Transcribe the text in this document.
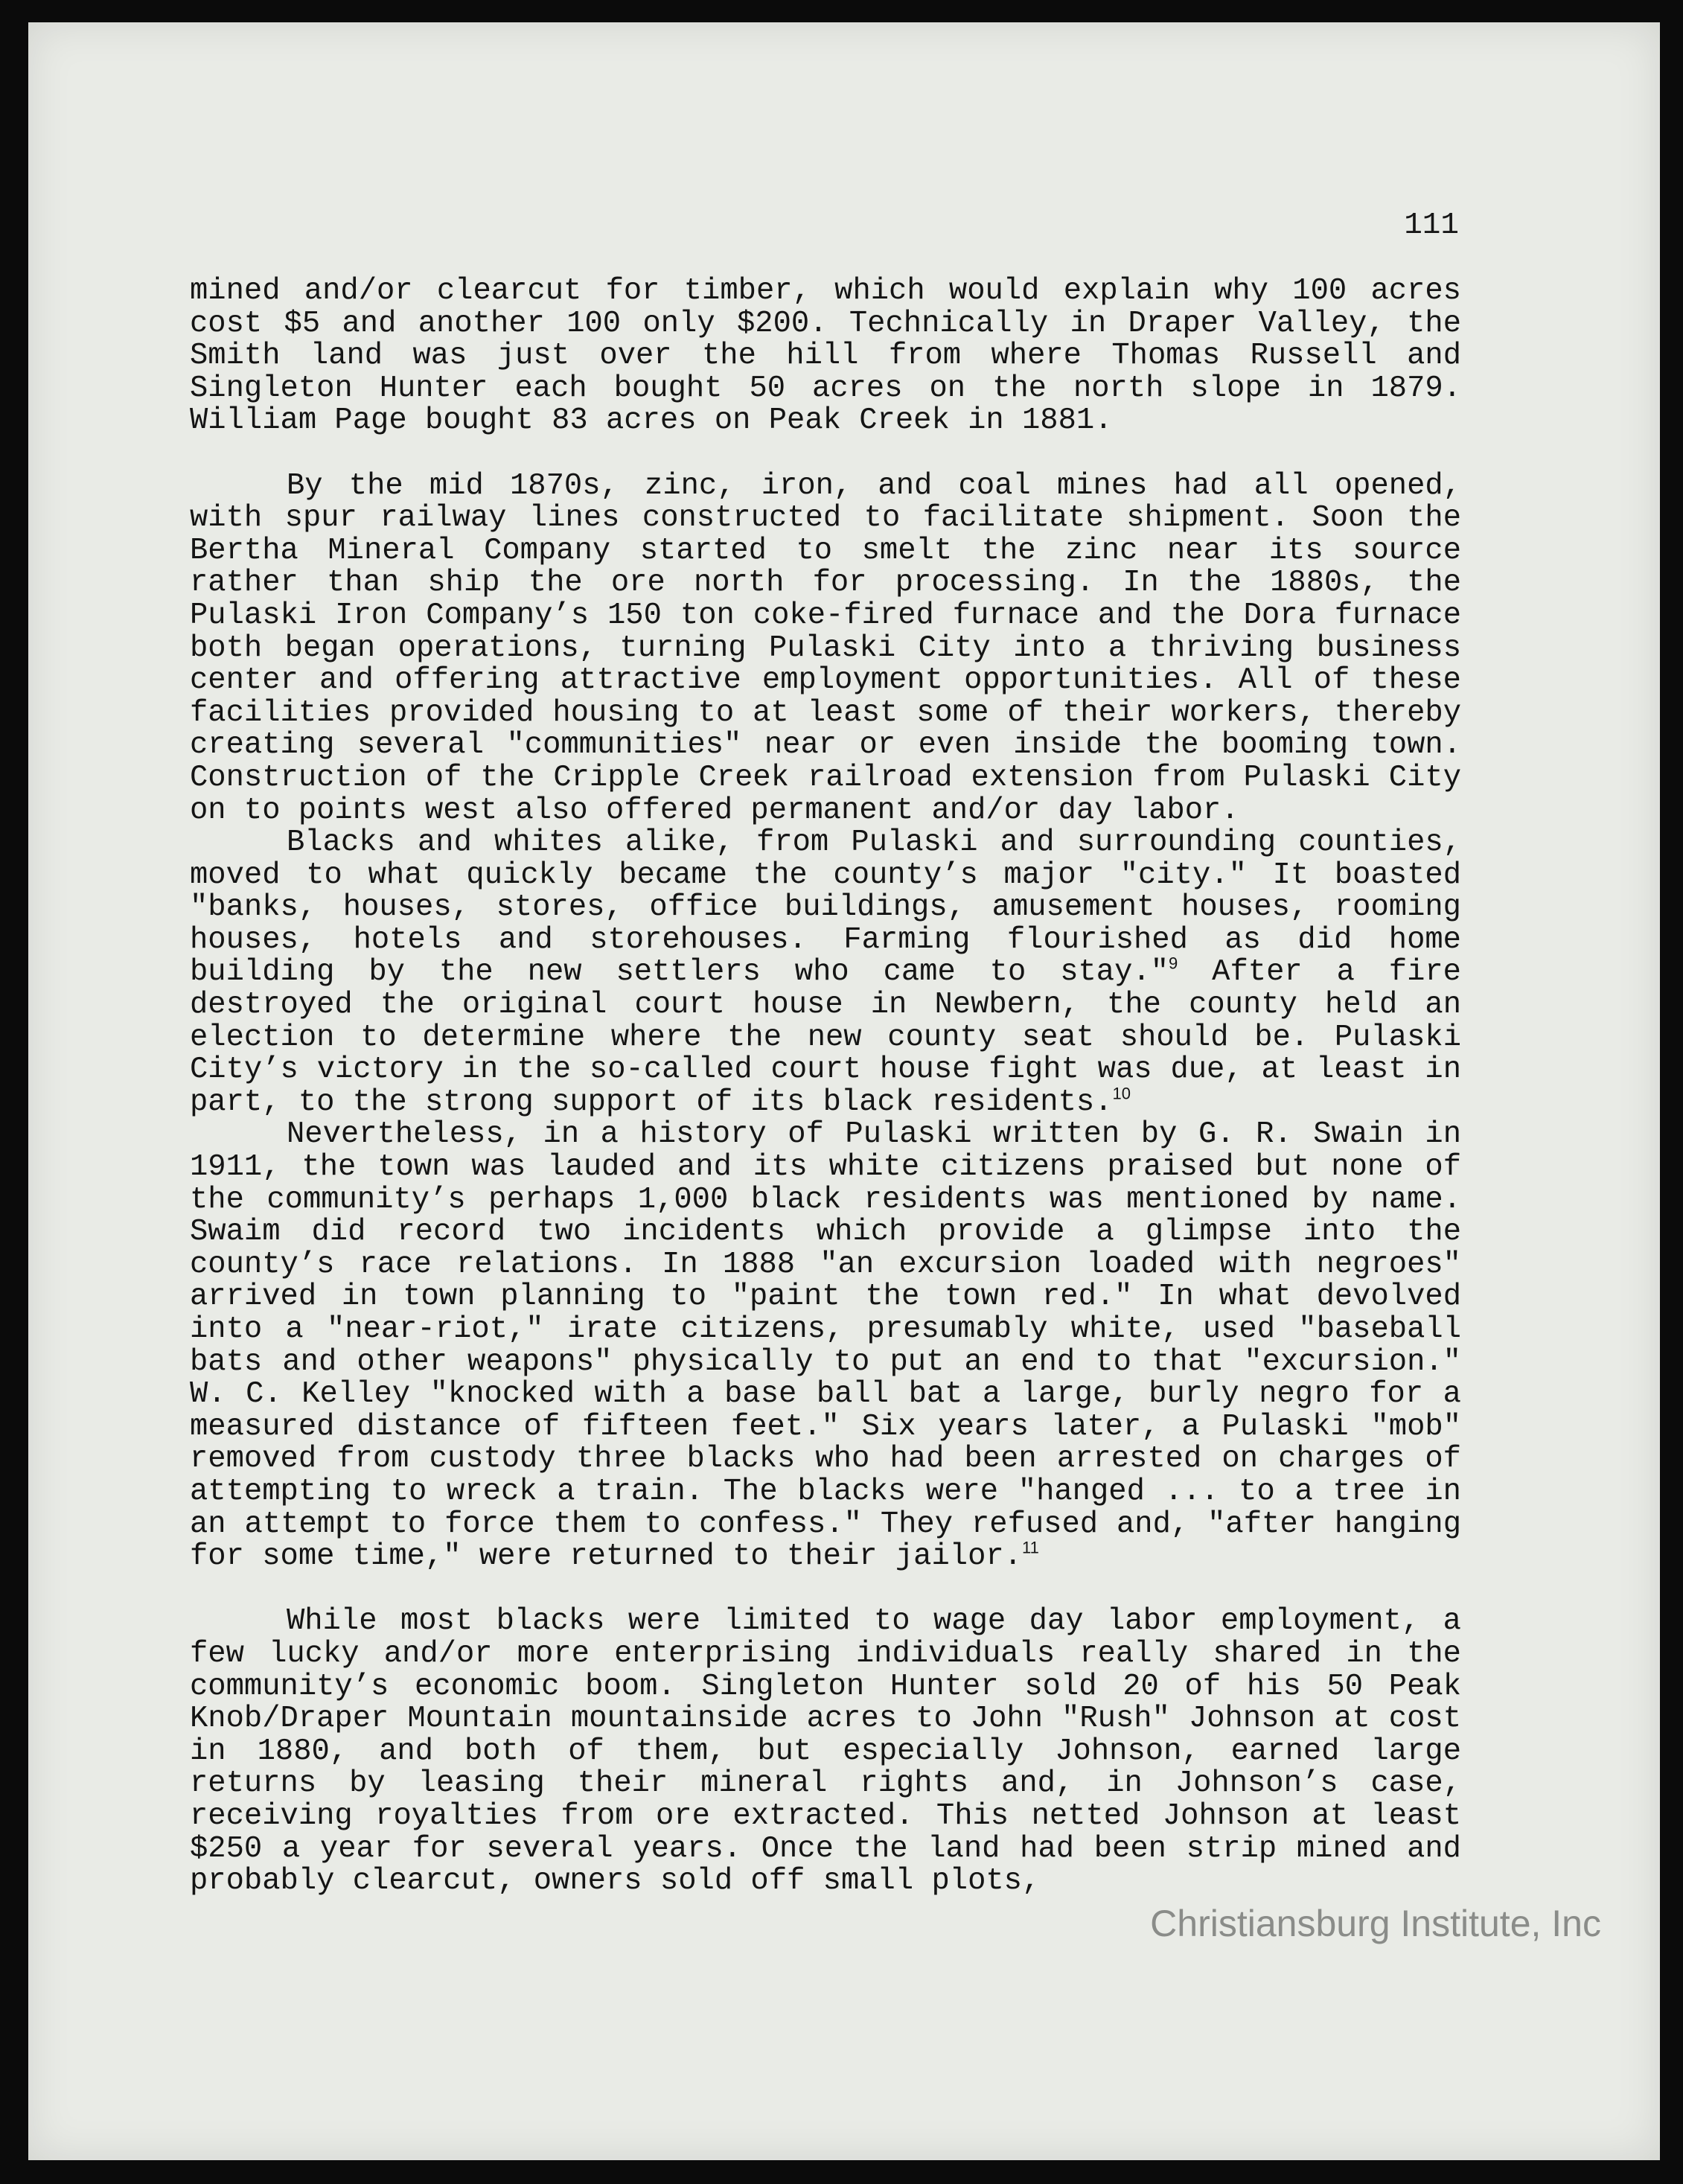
111

mined and/or clearcut for timber, which would explain why 100 acres cost $5 and another 100 only $200. Technically in Draper Valley, the Smith land was just over the hill from where Thomas Russell and Singleton Hunter each bought 50 acres on the north slope in 1879. William Page bought 83 acres on Peak Creek in 1881.

By the mid 1870s, zinc, iron, and coal mines had all opened, with spur railway lines constructed to facilitate shipment. Soon the Bertha Mineral Company started to smelt the zinc near its source rather than ship the ore north for processing. In the 1880s, the Pulaski Iron Company’s 150 ton coke-fired furnace and the Dora furnace both began operations, turning Pulaski City into a thriving business center and offering attractive employment opportunities. All of these facilities provided housing to at least some of their workers, thereby creating several "communities" near or even inside the booming town. Construction of the Cripple Creek railroad extension from Pulaski City on to points west also offered permanent and/or day labor.

Blacks and whites alike, from Pulaski and surrounding counties, moved to what quickly became the county’s major "city." It boasted "banks, houses, stores, office buildings, amusement houses, rooming houses, hotels and storehouses. Farming flourished as did home building by the new settlers who came to stay."$^9$ After a fire destroyed the original court house in Newbern, the county held an election to determine where the new county seat should be. Pulaski City’s victory in the so-called court house fight was due, at least in part, to the strong support of its black residents.$^{10}$

Nevertheless, in a history of Pulaski written by G. R. Swain in 1911, the town was lauded and its white citizens praised but none of the community’s perhaps 1,000 black residents was mentioned by name. Swaim did record two incidents which provide a glimpse into the county’s race relations. In 1888 "an excursion loaded with negroes" arrived in town planning to "paint the town red." In what devolved into a "near-riot," irate citizens, presumably white, used "baseball bats and other weapons" physically to put an end to that "excursion." W. C. Kelley "knocked with a base ball bat a large, burly negro for a measured distance of fifteen feet." Six years later, a Pulaski "mob" removed from custody three blacks who had been arrested on charges of attempting to wreck a train. The blacks were "hanged ... to a tree in an attempt to force them to confess." They refused and, "after hanging for some time," were returned to their jailor.$^{11}$

While most blacks were limited to wage day labor employment, a few lucky and/or more enterprising individuals really shared in the community’s economic boom. Singleton Hunter sold 20 of his 50 Peak Knob/Draper Mountain mountainside acres to John "Rush" Johnson at cost in 1880, and both of them, but especially Johnson, earned large returns by leasing their mineral rights and, in Johnson’s case, receiving royalties from ore extracted. This netted Johnson at least $250 a year for several years. Once the land had been strip mined and probably clearcut, owners sold off small plots,

Christiansburg Institute, Inc
